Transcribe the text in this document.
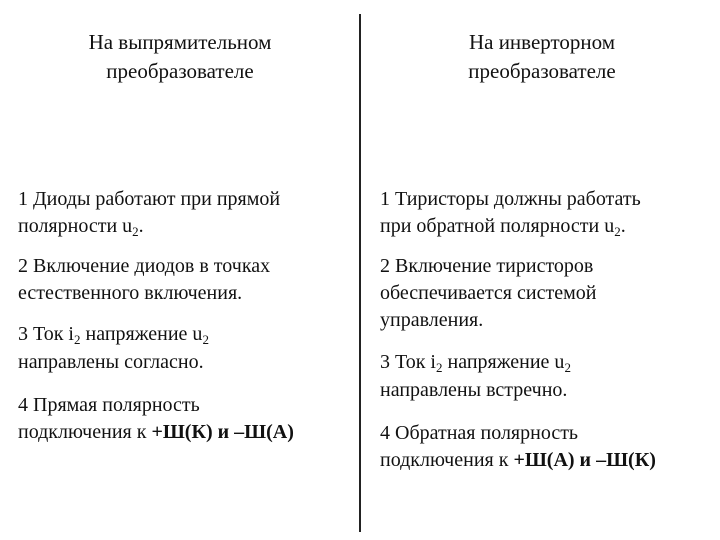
На выпрямительном
преобразователе
На инверторном
преобразователе
1 Диоды работают при прямой
полярности $u_2$.
2 Включение диодов в точках
естественного включения.
3 Ток $i_2$ напряжение $u_2$
направлены согласно.
4 Прямая полярность
подключения к +Ш(К) и –Ш(А)
1 Тиристоры должны работать
при обратной полярности $u_2$.
2 Включение тиристоров
обеспечивается системой
управления.
3 Ток $i_2$ напряжение $u_2$
направлены встречно.
4 Обратная полярность
подключения к +Ш(А) и –Ш(К)
